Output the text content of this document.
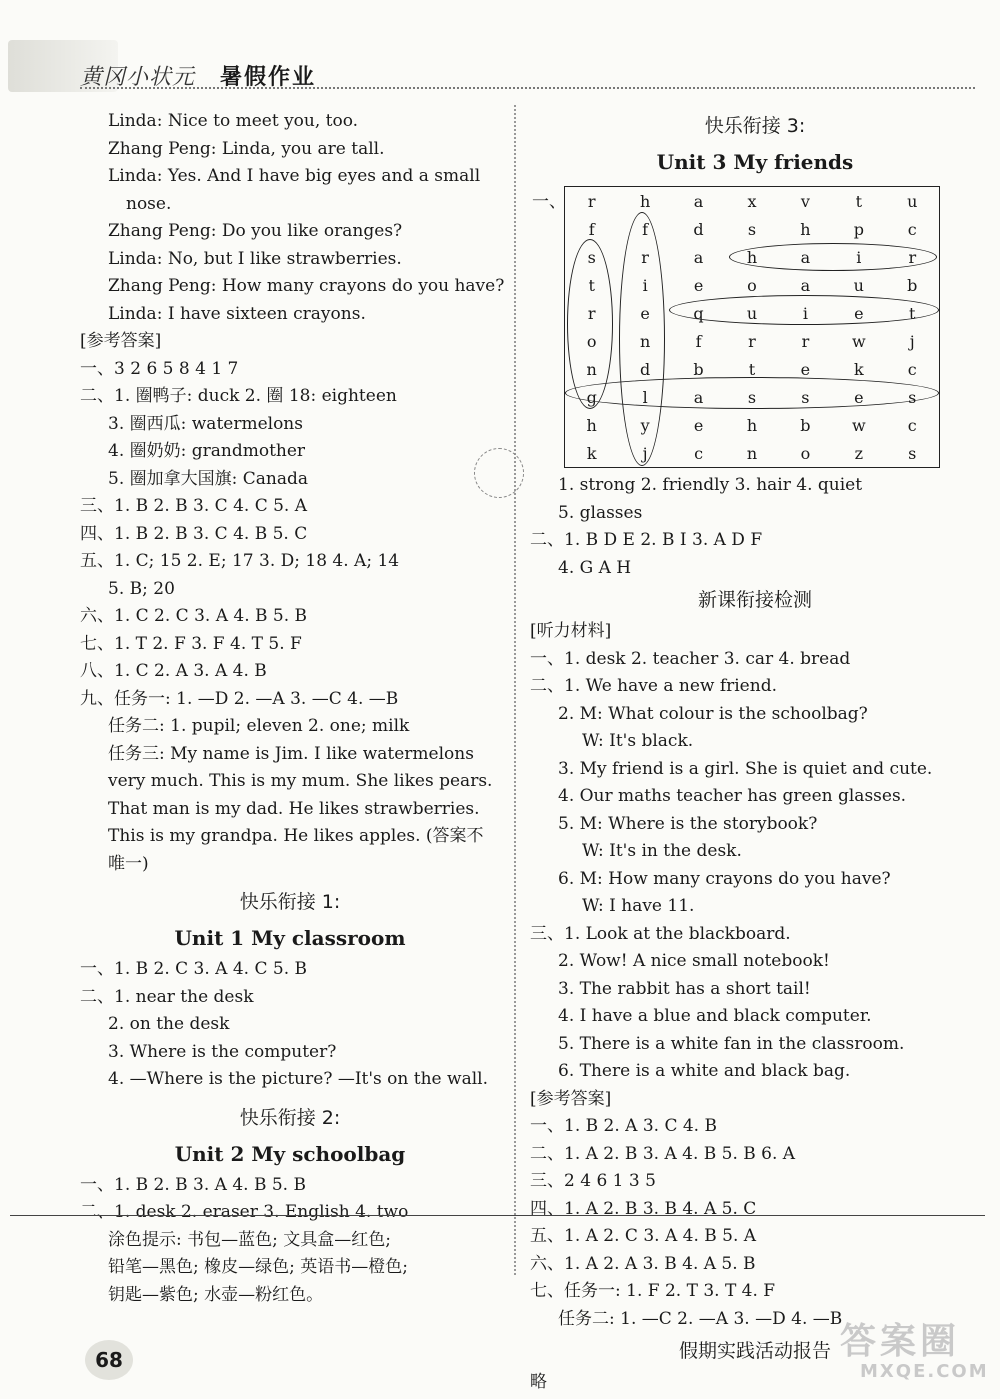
黄冈小状元 暑假作业
Linda: Nice to meet you, too.
Zhang Peng: Linda, you are tall.
Linda: Yes. And I have big eyes and a small
nose.
Zhang Peng: Do you like oranges?
Linda: No, but I like strawberries.
Zhang Peng: How many crayons do you have?
Linda: I have sixteen crayons.
[参考答案]
一、3 2 6 5 8 4 1 7
二、1. 圈鸭子: duck 2. 圈 18: eighteen
3. 圈西瓜: watermelons
4. 圈奶奶: grandmother
5. 圈加拿大国旗: Canada
三、1. B 2. B 3. C 4. C 5. A
四、1. B 2. B 3. C 4. B 5. C
五、1. C; 15 2. E; 17 3. D; 18 4. A; 14
5. B; 20
六、1. C 2. C 3. A 4. B 5. B
七、1. T 2. F 3. F 4. T 5. F
八、1. C 2. A 3. A 4. B
九、任务一: 1. —D 2. —A 3. —C 4. —B
任务二: 1. pupil; eleven 2. one; milk
任务三: My name is Jim. I like watermelons
very much. This is my mum. She likes pears.
That man is my dad. He likes strawberries.
This is my grandpa. He likes apples. (答案不
唯一)
快乐衔接 1:
Unit 1 My classroom
一、1. B 2. C 3. A 4. C 5. B
二、1. near the desk
2. on the desk
3. Where is the computer?
4. —Where is the picture? —It's on the wall.
快乐衔接 2:
Unit 2 My schoolbag
一、1. B 2. B 3. A 4. B 5. B
二、1. desk 2. eraser 3. English 4. two
涂色提示: 书包—蓝色; 文具盒—红色;
铅笔—黑色; 橡皮—绿色; 英语书—橙色;
钥匙—紫色; 水壶—粉红色。
快乐衔接 3:
Unit 3 My friends
一、 r	h	a	x	v	t	u
f	f	d	s	h	p	c
s	r	a	h	a	i	r
t	i	e	o	a	u	b
r	e	q	u	i	e	t
o	n	f	r	r	w	j
n	d	b	t	e	k	c
g	l	a	s	s	e	s
h	y	e	h	b	w	c
k	j	c	n	o	z	s
1. strong 2. friendly 3. hair 4. quiet
5. glasses
二、1. B D E 2. B I 3. A D F
4. G A H
新课衔接检测
[听力材料]
一、1. desk 2. teacher 3. car 4. bread
二、1. We have a new friend.
2. M: What colour is the schoolbag?
W: It's black.
3. My friend is a girl. She is quiet and cute.
4. Our maths teacher has green glasses.
5. M: Where is the storybook?
W: It's in the desk.
6. M: How many crayons do you have?
W: I have 11.
三、1. Look at the blackboard.
2. Wow! A nice small notebook!
3. The rabbit has a short tail!
4. I have a blue and black computer.
5. There is a white fan in the classroom.
6. There is a white and black bag.
[参考答案]
一、1. B 2. A 3. C 4. B
二、1. A 2. B 3. A 4. B 5. B 6. A
三、2 4 6 1 3 5
四、1. A 2. B 3. B 4. A 5. C
五、1. A 2. C 3. A 4. B 5. A
六、1. A 2. A 3. B 4. A 5. B
七、任务一: 1. F 2. T 3. T 4. F
任务二: 1. —C 2. —A 3. —D 4. —B
假期实践活动报告
略
68	答案圈
MXQE.COM
